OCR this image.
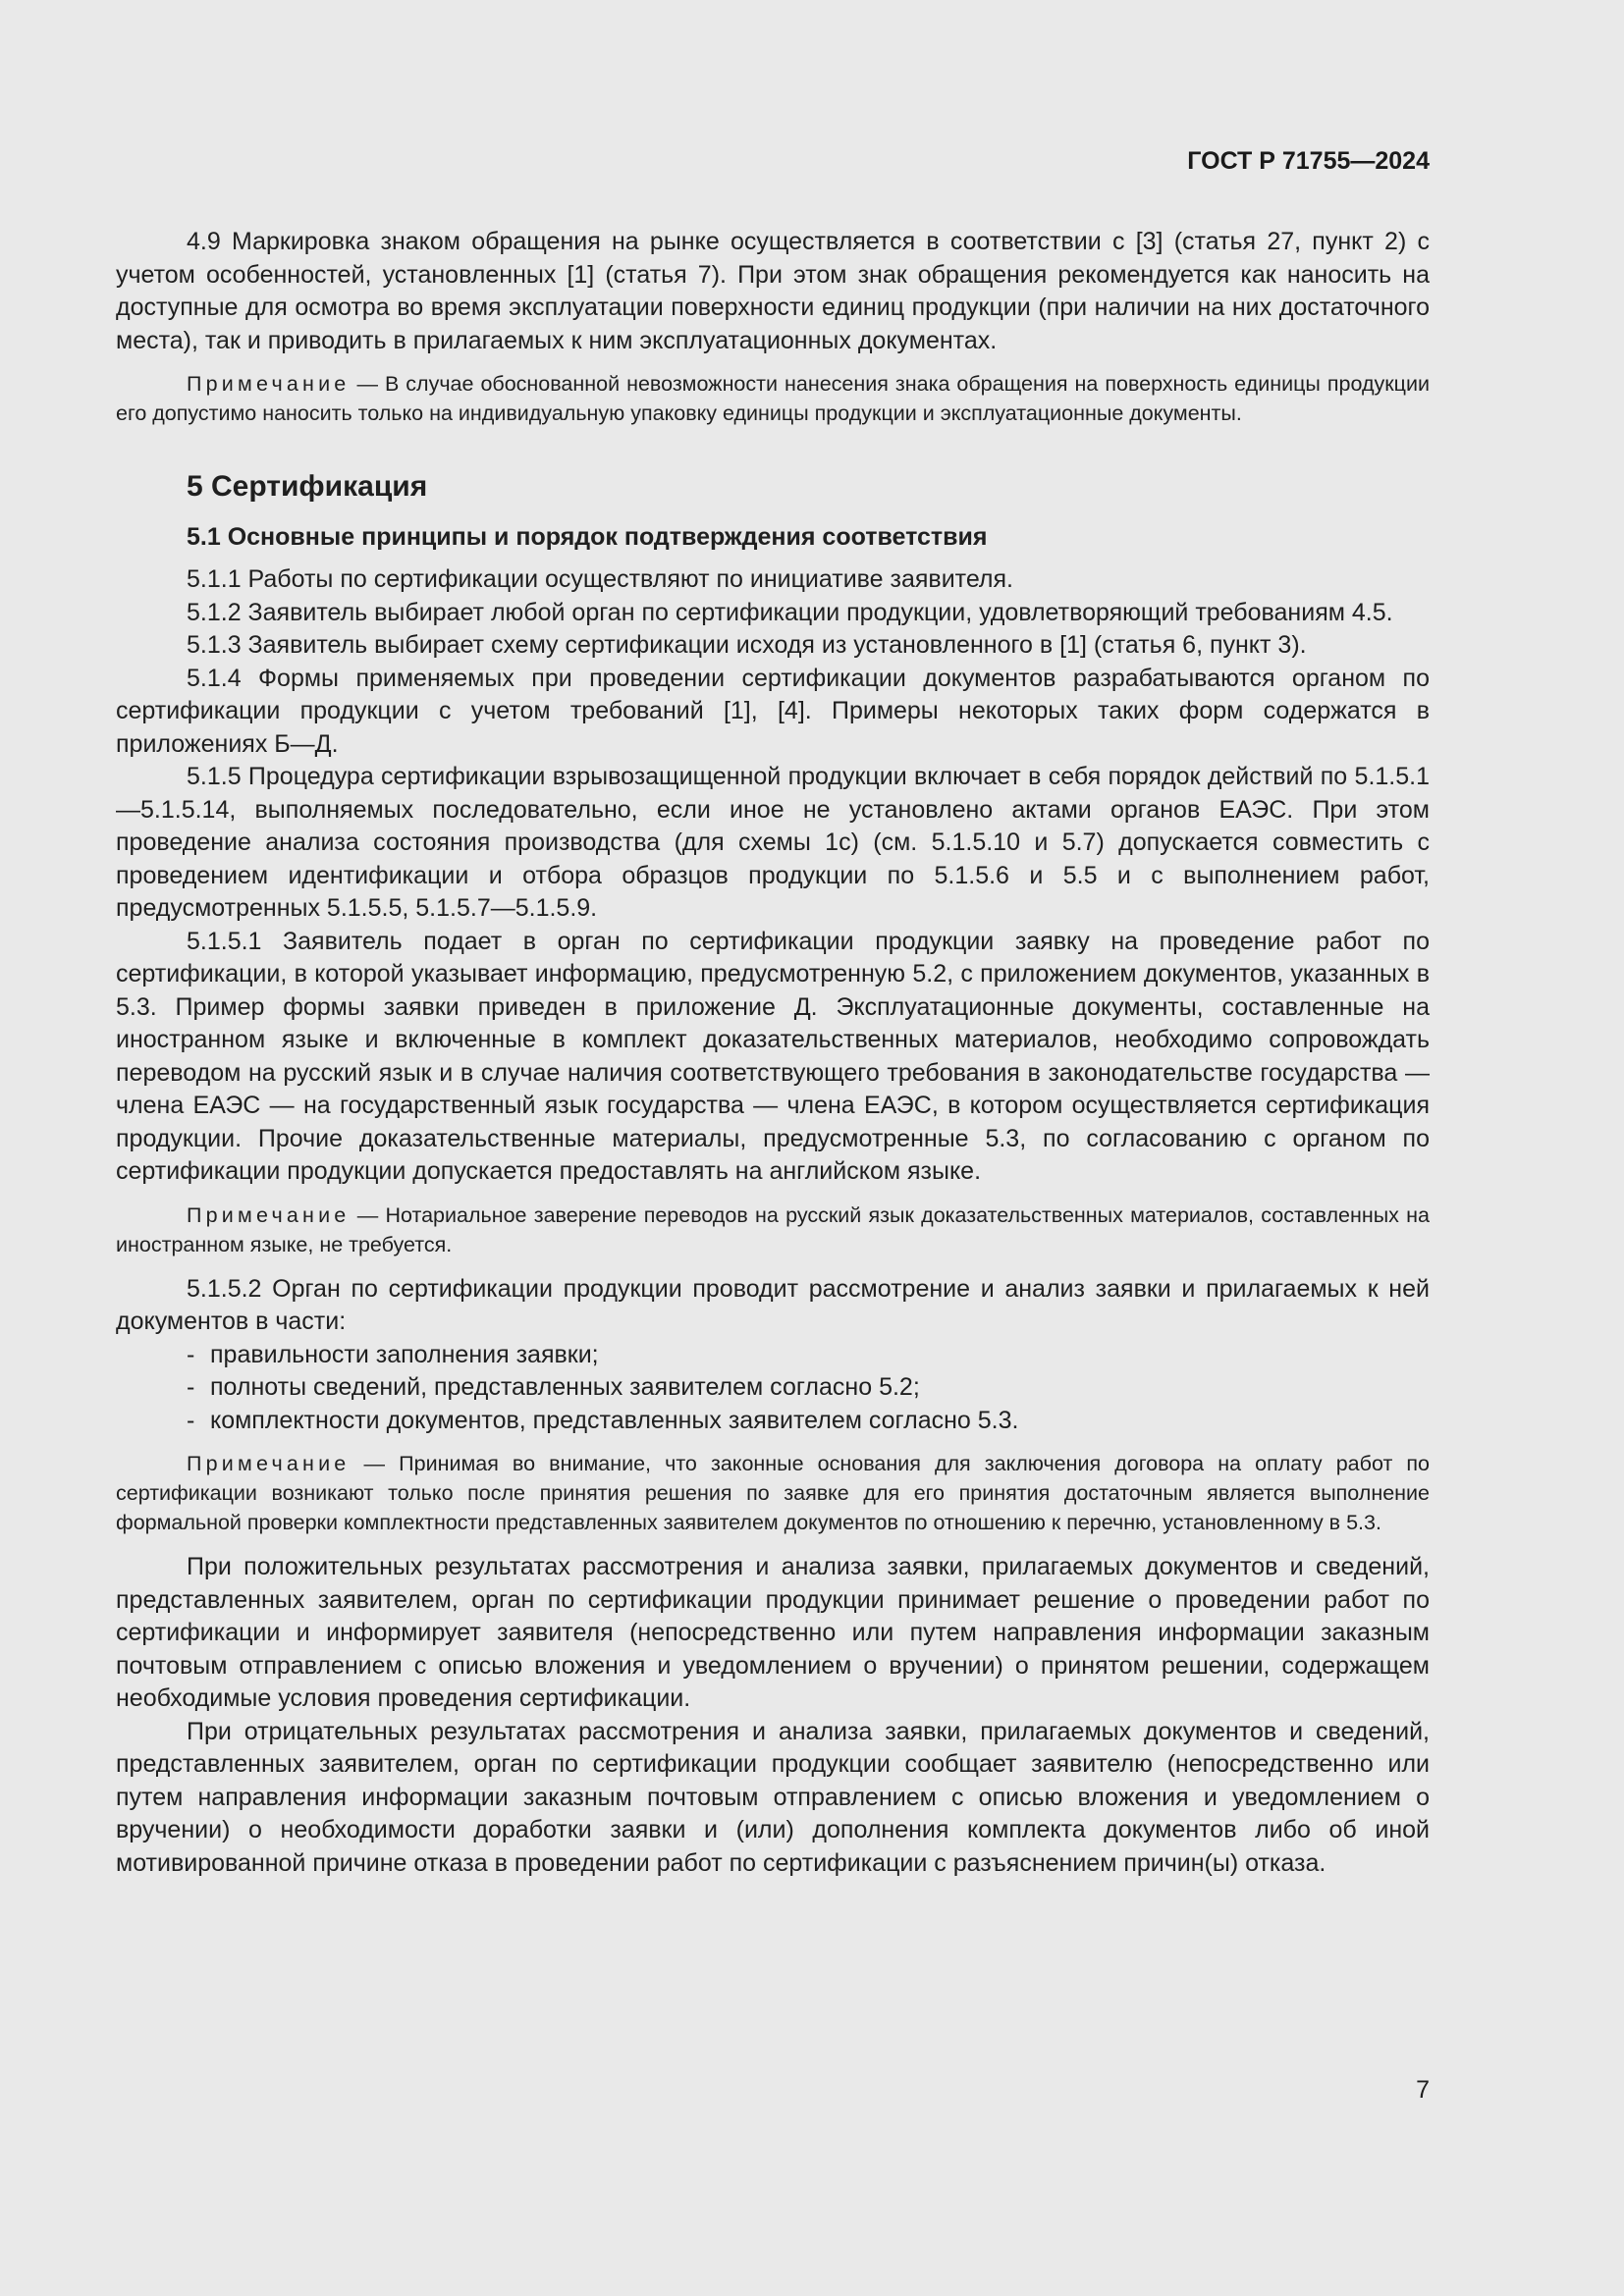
ГОСТ Р 71755—2024

4.9 Маркировка знаком обращения на рынке осуществляется в соответствии с [3] (статья 27, пункт 2) с учетом особенностей, установленных [1] (статья 7). При этом знак обращения рекомендуется как наносить на доступные для осмотра во время эксплуатации поверхности единиц продукции (при наличии на них достаточного места), так и приводить в прилагаемых к ним эксплуатационных документах.

Примечание — В случае обоснованной невозможности нанесения знака обращения на поверхность единицы продукции его допустимо наносить только на индивидуальную упаковку единицы продукции и эксплуатационные документы.

5 Сертификация
5.1 Основные принципы и порядок подтверждения соответствия

5.1.1 Работы по сертификации осуществляют по инициативе заявителя.

5.1.2 Заявитель выбирает любой орган по сертификации продукции, удовлетворяющий требованиям 4.5.

5.1.3 Заявитель выбирает схему сертификации исходя из установленного в [1] (статья 6, пункт 3).

5.1.4 Формы применяемых при проведении сертификации документов разрабатываются органом по сертификации продукции с учетом требований [1], [4]. Примеры некоторых таких форм содержатся в приложениях Б—Д.

5.1.5 Процедура сертификации взрывозащищенной продукции включает в себя порядок действий по 5.1.5.1—5.1.5.14, выполняемых последовательно, если иное не установлено актами органов ЕАЭС. При этом проведение анализа состояния производства (для схемы 1с) (см. 5.1.5.10 и 5.7) допускается совместить с проведением идентификации и отбора образцов продукции по 5.1.5.6 и 5.5 и с выполнением работ, предусмотренных 5.1.5.5, 5.1.5.7—5.1.5.9.

5.1.5.1 Заявитель подает в орган по сертификации продукции заявку на проведение работ по сертификации, в которой указывает информацию, предусмотренную 5.2, с приложением документов, указанных в 5.3. Пример формы заявки приведен в приложение Д. Эксплуатационные документы, составленные на иностранном языке и включенные в комплект доказательственных материалов, необходимо сопровождать переводом на русский язык и в случае наличия соответствующего требования в законодательстве государства — члена ЕАЭС — на государственный язык государства — члена ЕАЭС, в котором осуществляется сертификация продукции. Прочие доказательственные материалы, предусмотренные 5.3, по согласованию с органом по сертификации продукции допускается предоставлять на английском языке.

Примечание — Нотариальное заверение переводов на русский язык доказательственных материалов, составленных на иностранном языке, не требуется.

5.1.5.2 Орган по сертификации продукции проводит рассмотрение и анализ заявки и прилагаемых к ней документов в части:

- правильности заполнения заявки;
- полноты сведений, представленных заявителем согласно 5.2;
- комплектности документов, представленных заявителем согласно 5.3.

Примечание — Принимая во внимание, что законные основания для заключения договора на оплату работ по сертификации возникают только после принятия решения по заявке для его принятия достаточным является выполнение формальной проверки комплектности представленных заявителем документов по отношению к перечню, установленному в 5.3.

При положительных результатах рассмотрения и анализа заявки, прилагаемых документов и сведений, представленных заявителем, орган по сертификации продукции принимает решение о проведении работ по сертификации и информирует заявителя (непосредственно или путем направления информации заказным почтовым отправлением с описью вложения и уведомлением о вручении) о принятом решении, содержащем необходимые условия проведения сертификации.

При отрицательных результатах рассмотрения и анализа заявки, прилагаемых документов и сведений, представленных заявителем, орган по сертификации продукции сообщает заявителю (непосредственно или путем направления информации заказным почтовым отправлением с описью вложения и уведомлением о вручении) о необходимости доработки заявки и (или) дополнения комплекта документов либо об иной мотивированной причине отказа в проведении работ по сертификации с разъяснением причин(ы) отказа.

7
